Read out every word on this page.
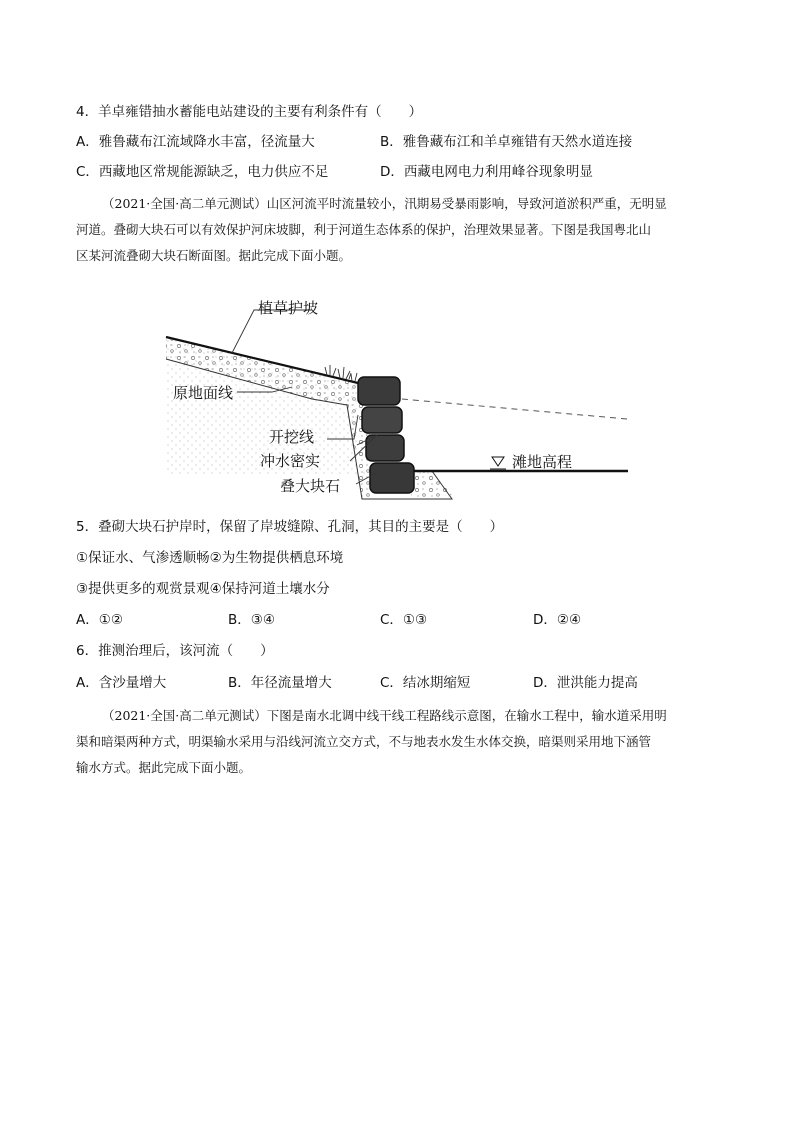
4．羊卓雍错抽水蓄能电站建设的主要有利条件有（　　）
A．雅鲁藏布江流域降水丰富，径流量大	B．雅鲁藏布江和羊卓雍错有天然水道连接
C．西藏地区常规能源缺乏，电力供应不足	D．西藏电网电力利用峰谷现象明显

（2021·全国·高二单元测试）山区河流平时流量较小，汛期易受暴雨影响，导致河道淤积严重，无明显

河道。叠砌大块石可以有效保护河床坡脚，利于河道生态体系的保护，治理效果显著。下图是我国粤北山

区某河流叠砌大块石断面图。据此完成下面小题。

植草护坡
原地面线
开挖线
冲水密实
叠大块石
滩地高程
5．叠砌大块石护岸时，保留了岸坡缝隙、孔洞，其目的主要是（　　）
①保证水、气渗透顺畅②为生物提供栖息环境
③提供更多的观赏景观④保持河道土壤水分
A．①②	B．③④	C．①③	D．②④
6．推测治理后，该河流（　　）
A．含沙量增大	B．年径流量增大	C．结冰期缩短	D．泄洪能力提高

（2021·全国·高二单元测试）下图是南水北调中线干线工程路线示意图，在输水工程中，输水道采用明

渠和暗渠两种方式，明渠输水采用与沿线河流立交方式，不与地表水发生水体交换，暗渠则采用地下涵管

输水方式。据此完成下面小题。
